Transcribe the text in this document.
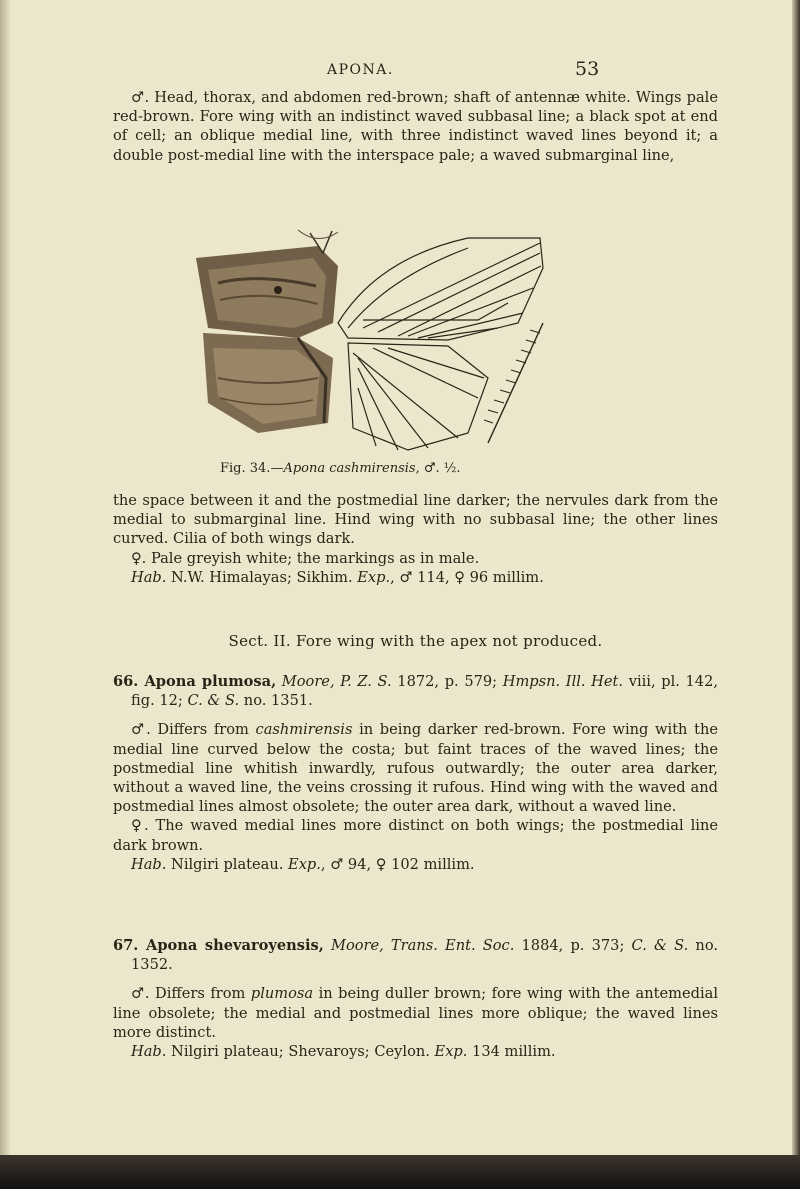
APONA.	53

♂. Head, thorax, and abdomen red-brown; shaft of antennæ white. Wings pale red-brown. Fore wing with an indistinct waved subbasal line; a black spot at end of cell; an oblique medial line, with three indistinct waved lines beyond it; a double post-medial line with the interspace pale; a waved submarginal line,

Fig. 34.—Apona cashmirensis, ♂. ½.

the space between it and the postmedial line darker; the nervules dark from the medial to submarginal line. Hind wing with no subbasal line; the other lines curved. Cilia of both wings dark.

♀. Pale greyish white; the markings as in male.

Hab. N.W. Himalayas; Sikhim. Exp., ♂ 114, ♀ 96 millim.

Sect. II. Fore wing with the apex not produced.

66. Apona plumosa, Moore, P. Z. S. 1872, p. 579; Hmpsn. Ill. Het. viii, pl. 142, fig. 12; C. & S. no. 1351.

♂. Differs from cashmirensis in being darker red-brown. Fore wing with the medial line curved below the costa; but faint traces of the waved lines; the postmedial line whitish inwardly, rufous outwardly; the outer area darker, without a waved line, the veins crossing it rufous. Hind wing with the waved and postmedial lines almost obsolete; the outer area dark, without a waved line.

♀. The waved medial lines more distinct on both wings; the postmedial line dark brown.

Hab. Nilgiri plateau. Exp., ♂ 94, ♀ 102 millim.

67. Apona shevaroyensis, Moore, Trans. Ent. Soc. 1884, p. 373; C. & S. no. 1352.

♂. Differs from plumosa in being duller brown; fore wing with the antemedial line obsolete; the medial and postmedial lines more oblique; the waved lines more distinct.

Hab. Nilgiri plateau; Shevaroys; Ceylon. Exp. 134 millim.
